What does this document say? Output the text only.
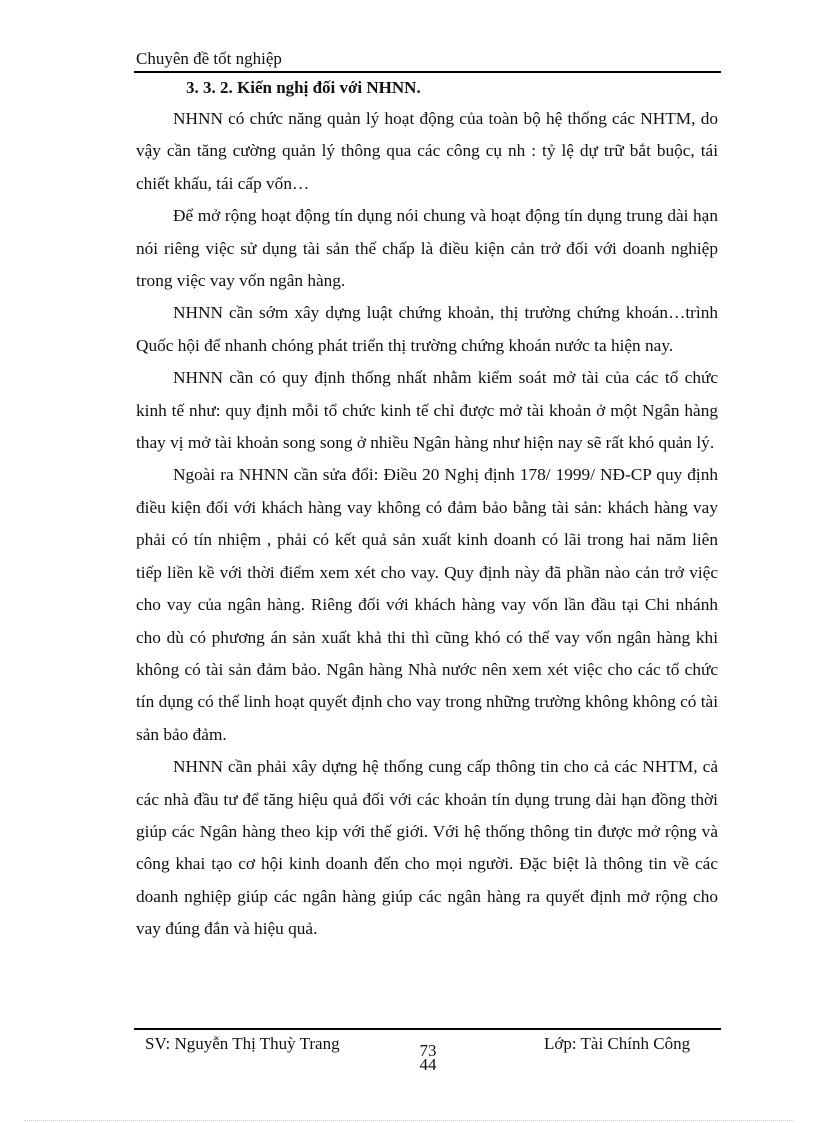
Chuyên đề tốt nghiệp
3. 3. 2. Kiến nghị đối với NHNN.

NHNN có chức năng quản lý hoạt động của toàn bộ hệ thống các NHTM, do vậy cần tăng cường quản lý thông qua các công cụ nh : tỷ lệ dự trữ bắt buộc, tái chiết khấu, tái cấp vốn…

Để mở rộng hoạt động tín dụng nói chung và hoạt động tín dụng trung dài hạn nói riêng việc sử dụng tài sản thế chấp là điều kiện cản trở đối với doanh nghiệp trong việc vay vốn ngân hàng.

NHNN cần sớm xây dựng luật chứng khoản, thị trường chứng khoán…trình Quốc hội để nhanh chóng phát triển thị trường chứng khoán nước ta hiện nay.

NHNN cần có quy định thống nhất nhằm kiểm soát mở tài của các tổ chức kinh tế như: quy định mỗi tổ chức kinh tế chỉ được mở tài khoản ở một Ngân hàng thay vị mở tài khoản song song ở nhiều Ngân hàng như hiện nay sẽ rất khó quản lý.

Ngoài ra NHNN cần sửa đổi: Điều 20 Nghị định 178/ 1999/ NĐ-CP quy định điều kiện đối với khách hàng vay không có đảm bảo bằng tài sản: khách hàng vay phải có tín nhiệm , phải có kết quả sản xuất kinh doanh có lãi trong hai năm liên tiếp liền kề với thời điểm xem xét cho vay. Quy định này đã phần nào cản trở việc cho vay của ngân hàng. Riêng đối với khách hàng vay vốn lần đầu tại Chi nhánh cho dù có phương án sản xuất khả thi thì cũng khó có thể vay vốn ngân hàng khi không có tài sản đảm bảo. Ngân hàng Nhà nước nên xem xét việc cho các tổ chức tín dụng có thể linh hoạt quyết định cho vay trong những trường không không có tài sản bảo đảm.

NHNN cần phải xây dựng hệ thống cung cấp thông tin cho cả các NHTM, cả các nhà đầu tư để tăng hiệu quả đối với các khoản tín dụng trung dài hạn đồng thời giúp các Ngân hàng theo kịp với thế giới. Với hệ thống thông tin được mở rộng và công khai tạo cơ hội kinh doanh đến cho mọi người. Đặc biệt là thông tin về các doanh nghiệp giúp các ngân hàng giúp các ngân hàng ra quyết định mở rộng cho vay đúng đắn và hiệu quả.

SV: Nguyễn Thị Thuỳ Trang	73
44
Lớp: Tài Chính Công
